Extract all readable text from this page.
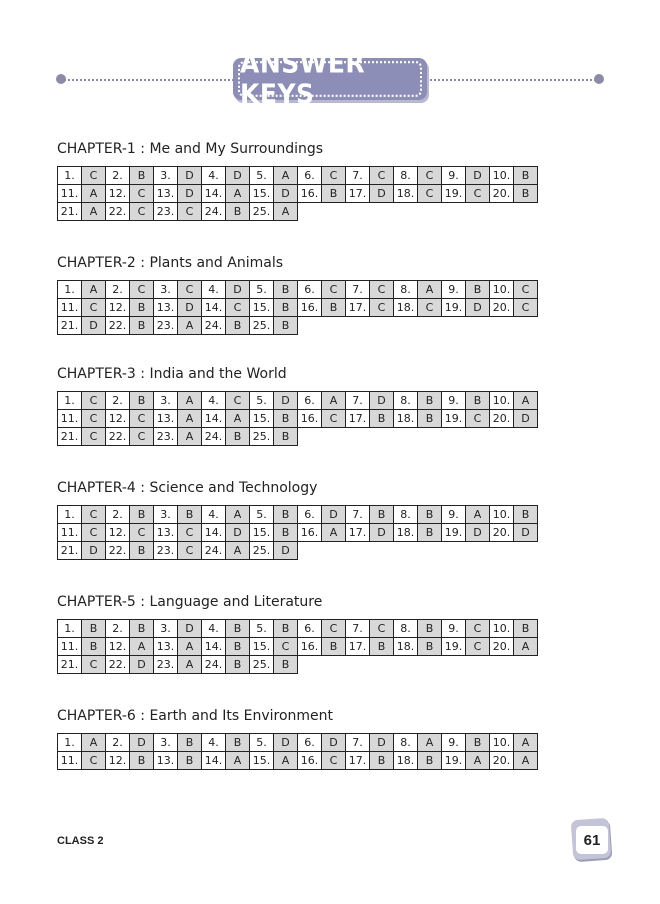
ANSWER KEYS
CHAPTER-1 : Me and My Surroundings
1.	C	2.	B	3.	D	4.	D	5.	A	6.	C	7.	C	8.	C	9.	D	10.	B
11.	A	12.	C	13.	D	14.	A	15.	D	16.	B	17.	D	18.	C	19.	C	20.	B
21.	A	22.	C	23.	C	24.	B	25.	A										
CHAPTER-2 : Plants and Animals
1.	A	2.	C	3.	C	4.	D	5.	B	6.	C	7.	C	8.	A	9.	B	10.	C
11.	C	12.	B	13.	D	14.	C	15.	B	16.	B	17.	C	18.	C	19.	D	20.	C
21.	D	22.	B	23.	A	24.	B	25.	B										
CHAPTER-3 : India and the World
1.	C	2.	B	3.	A	4.	C	5.	D	6.	A	7.	D	8.	B	9.	B	10.	A
11.	C	12.	C	13.	A	14.	A	15.	B	16.	C	17.	B	18.	B	19.	C	20.	D
21.	C	22.	C	23.	A	24.	B	25.	B										
CHAPTER-4 : Science and Technology
1.	C	2.	B	3.	B	4.	A	5.	B	6.	D	7.	B	8.	B	9.	A	10.	B
11.	C	12.	C	13.	C	14.	D	15.	B	16.	A	17.	D	18.	B	19.	D	20.	D
21.	D	22.	B	23.	C	24.	A	25.	D										
CHAPTER-5 : Language and Literature
1.	B	2.	B	3.	D	4.	B	5.	B	6.	C	7.	C	8.	B	9.	C	10.	B
11.	B	12.	A	13.	A	14.	B	15.	C	16.	B	17.	B	18.	B	19.	C	20.	A
21.	C	22.	D	23.	A	24.	B	25.	B										
CHAPTER-6 : Earth and Its Environment
1.	A	2.	D	3.	B	4.	B	5.	D	6.	D	7.	D	8.	A	9.	B	10.	A
11.	C	12.	B	13.	B	14.	A	15.	A	16.	C	17.	B	18.	B	19.	A	20.	A
CLASS 2	61
